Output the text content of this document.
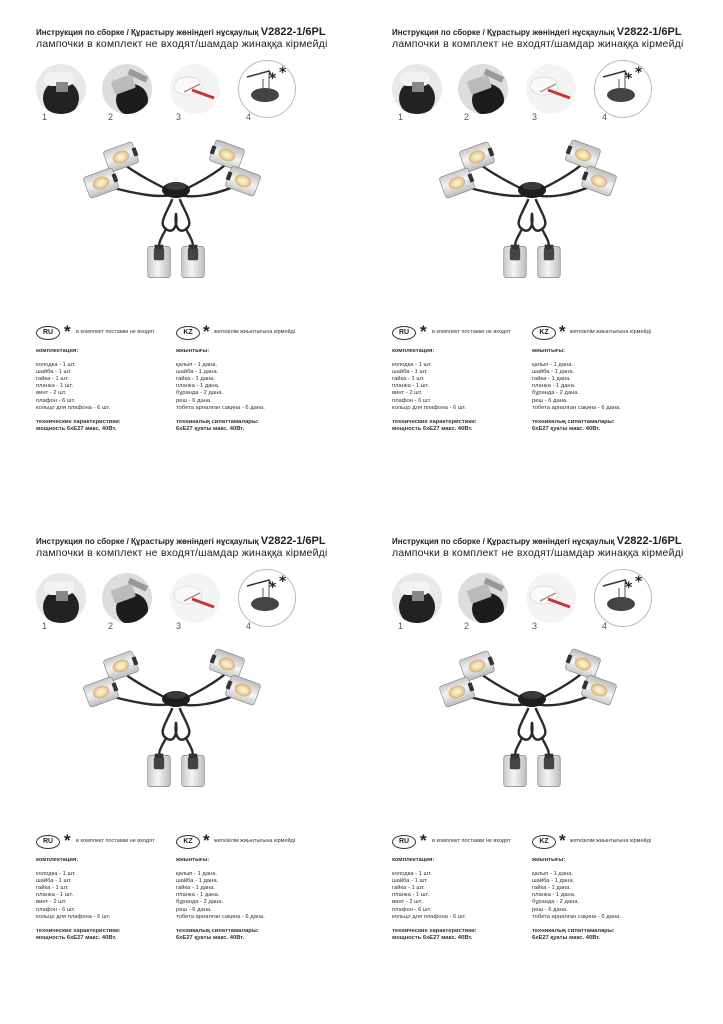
Инструкция по сборке / Құрастыру жөніндегі нұсқаулық V2822-1/6PL
лампочки в комплект не входят/шамдар жинаққа кірмейді
* *
1	2	3	4
RU * в комплект поставки не входят	KZ * жеткізілім жиынтығына кірмейді
комплектация:
колодка - 1 шт.
шайба - 1 шт.
гайка - 1 шт.
планка - 1 шт.
винт - 2 шт.
плафон - 6 шт.
кольцо для плафона - 6 шт.
технические характеристики:
мощность 6хЕ27 макс. 40Вт.
жиынтығы:
қалып - 1 дана.
шайба - 1 дана.
гайка - 1 дана.
планка - 1 дана.
бұранда - 2 дана.
реш - 6 дана.
тобета арналған сақина - 6 дана.
техникалық сипаттамалары:
6хЕ27 қуаты макс. 40Вт.
Инструкция по сборке / Құрастыру жөніндегі нұсқаулық V2822-1/6PL
лампочки в комплект не входят/шамдар жинаққа кірмейді
* *
1	2	3	4
RU * в комплект поставки не входят	KZ * жеткізілім жиынтығына кірмейді
комплектация:
колодка - 1 шт.
шайба - 1 шт.
гайка - 1 шт.
планка - 1 шт.
винт - 2 шт.
плафон - 6 шт.
кольцо для плафона - 6 шт.
технические характеристики:
мощность 6хЕ27 макс. 40Вт.
жиынтығы:
қалып - 1 дана.
шайба - 1 дана.
гайка - 1 дана.
планка - 1 дана.
бұранда - 2 дана.
реш - 6 дана.
тобета арналған сақина - 6 дана.
техникалық сипаттамалары:
6хЕ27 қуаты макс. 40Вт.
Инструкция по сборке / Құрастыру жөніндегі нұсқаулық V2822-1/6PL
лампочки в комплект не входят/шамдар жинаққа кірмейді
* *
1	2	3	4
RU * в комплект поставки не входят	KZ * жеткізілім жиынтығына кірмейді
комплектация:
колодка - 1 шт.
шайба - 1 шт.
гайка - 1 шт.
планка - 1 шт.
винт - 2 шт.
плафон - 6 шт.
кольцо для плафона - 6 шт.
технические характеристики:
мощность 6хЕ27 макс. 40Вт.
жиынтығы:
қалып - 1 дана.
шайба - 1 дана.
гайка - 1 дана.
планка - 1 дана.
бұранда - 2 дана.
реш - 6 дана.
тобета арналған сақина - 6 дана.
техникалық сипаттамалары:
6хЕ27 қуаты макс. 40Вт.
Инструкция по сборке / Құрастыру жөніндегі нұсқаулық V2822-1/6PL
лампочки в комплект не входят/шамдар жинаққа кірмейді
* *
1	2	3	4
RU * в комплект поставки не входят	KZ * жеткізілім жиынтығына кірмейді
комплектация:
колодка - 1 шт.
шайба - 1 шт.
гайка - 1 шт.
планка - 1 шт.
винт - 2 шт.
плафон - 6 шт.
кольцо для плафона - 6 шт.
технические характеристики:
мощность 6хЕ27 макс. 40Вт.
жиынтығы:
қалып - 1 дана.
шайба - 1 дана.
гайка - 1 дана.
планка - 1 дана.
бұранда - 2 дана.
реш - 6 дана.
тобета арналған сақина - 6 дана.
техникалық сипаттамалары:
6хЕ27 қуаты макс. 40Вт.
